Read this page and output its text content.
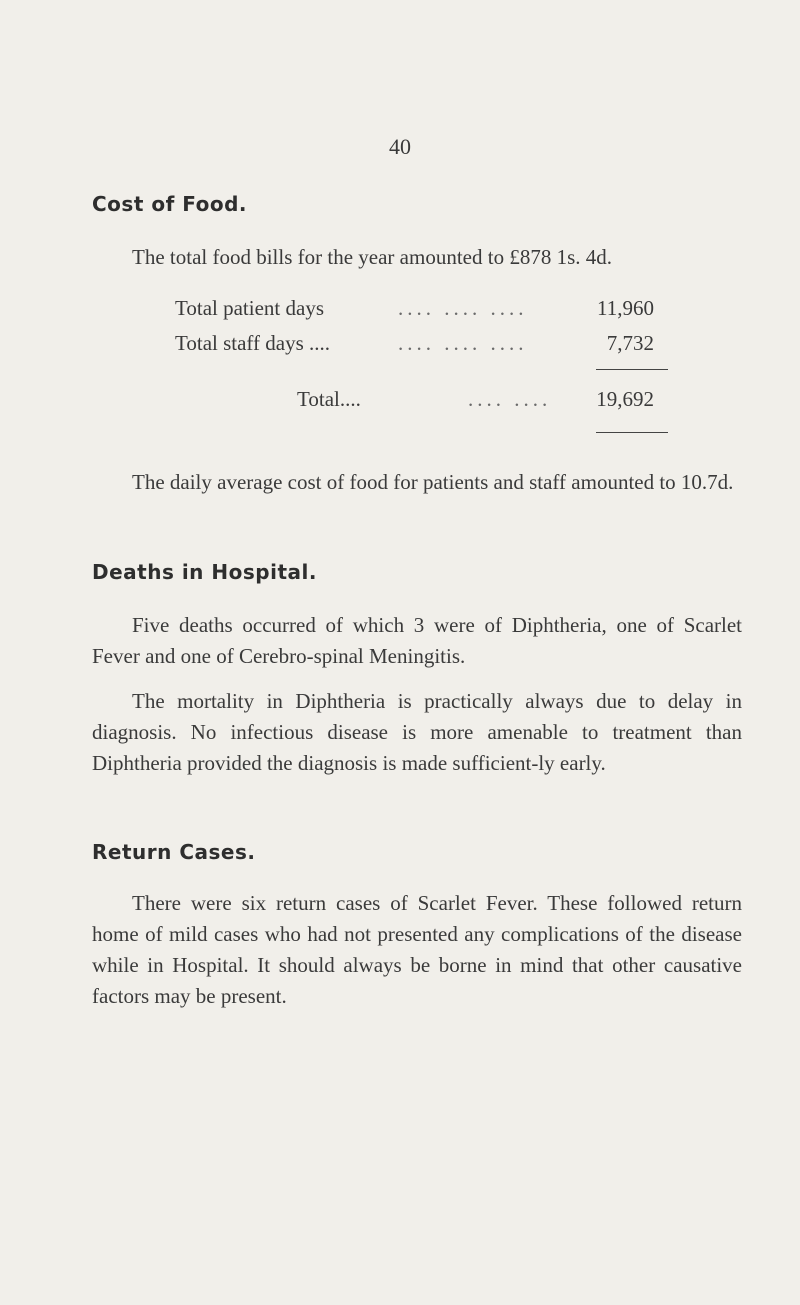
40
Cost of Food.
The total food bills for the year amounted to £878 1s. 4d.
Total patient days	.... .... ....	11,960
Total staff days ....	.... .... ....	7,732
Total....	.... .... 19,692
The daily average cost of food for patients and staff amounted to 10.7d.
Deaths in Hospital.
Five deaths occurred of which 3 were of Diphtheria, one of Scarlet Fever and one of Cerebro-spinal Meningitis.
The mortality in Diphtheria is practically always due to delay in diagnosis. No infectious disease is more amenable to treatment than Diphtheria provided the diagnosis is made sufficient-ly early.
Return Cases.
There were six return cases of Scarlet Fever. These followed return home of mild cases who had not presented any complications of the disease while in Hospital. It should always be borne in mind that other causative factors may be present.
